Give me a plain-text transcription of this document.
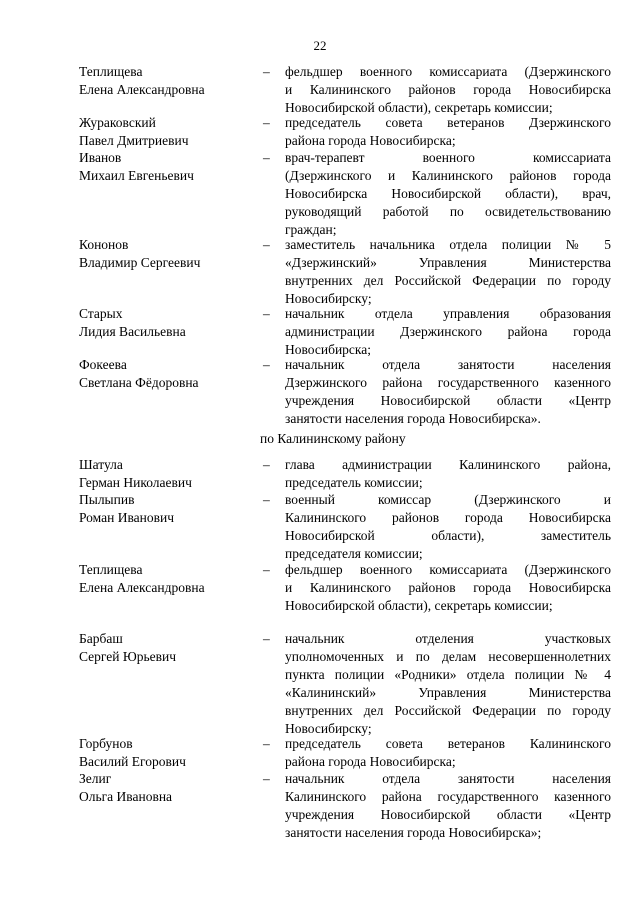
22
Теплищева
Елена Александровна
–	фельдшер военного комиссариата (Дзержинского
и Калининского районов города Новосибирска
Новосибирской области), секретарь комиссии;
Жураковский
Павел Дмитриевич
–	председатель совета ветеранов Дзержинского
района города Новосибирска;
Иванов
Михаил Евгеньевич
–	врач-терапевт военного комиссариата
(Дзержинского и Калининского районов города
Новосибирска Новосибирской области), врач,
руководящий работой по освидетельствованию
граждан;
Кононов
Владимир Сергеевич
–	заместитель начальника отдела полиции № 5
«Дзержинский» Управления Министерства
внутренних дел Российской Федерации по городу
Новосибирску;
Старых
Лидия Васильевна
–	начальник отдела управления образования
администрации Дзержинского района города
Новосибирска;
Фокеева
Светлана Фёдоровна
–	начальник отдела занятости населения
Дзержинского района государственного казенного
учреждения Новосибирской области «Центр
занятости населения города Новосибирска».
по Калининскому району
Шатула
Герман Николаевич
–	глава администрации Калининского района,
председатель комиссии;
Пылыпив
Роман Иванович
–	военный комиссар (Дзержинского и
Калининского районов города Новосибирска
Новосибирской области), заместитель
председателя комиссии;
Теплищева
Елена Александровна
–	фельдшер военного комиссариата (Дзержинского
и Калининского районов города Новосибирска
Новосибирской области), секретарь комиссии;
Барбаш
Сергей Юрьевич
–	начальник отделения участковых
уполномоченных и по делам несовершеннолетних
пункта полиции «Родники» отдела полиции № 4
«Калининский» Управления Министерства
внутренних дел Российской Федерации по городу
Новосибирску;
Горбунов
Василий Егорович
–	председатель совета ветеранов Калининского
района города Новосибирска;
Зелиг
Ольга Ивановна
–	начальник отдела занятости населения
Калининского района государственного казенного
учреждения Новосибирской области «Центр
занятости населения города Новосибирска»;
